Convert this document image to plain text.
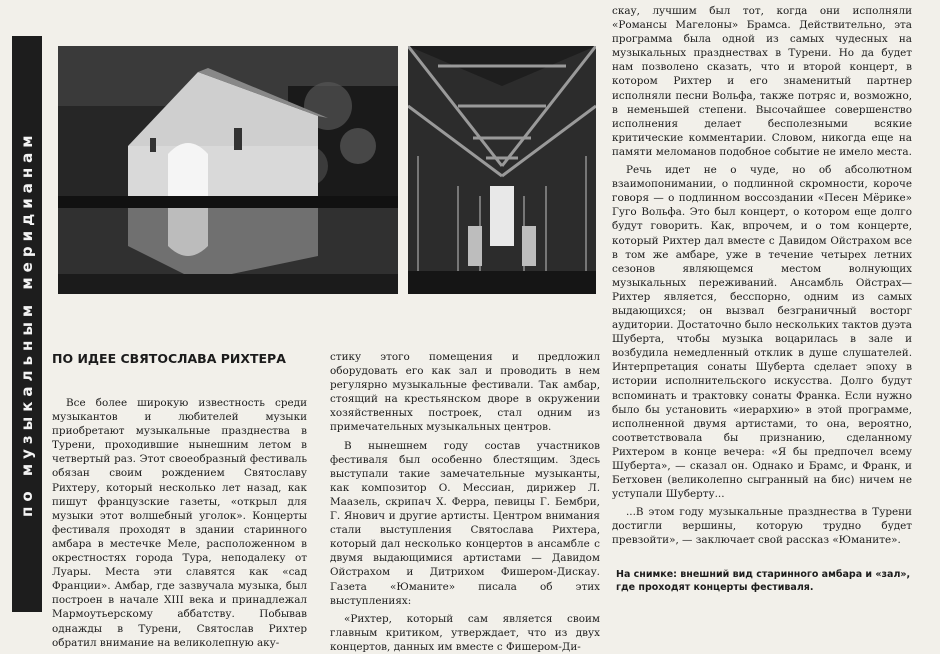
по музыкальным меридианам	ПО ИДЕЕ СВЯТОСЛАВА РИХТЕРА

Все более широкую известность среди музыкантов и любителей музыки приобретают музыкальные празднества в Турени, проходившие нынешним летом в четвертый раз. Этот своеобразный фестиваль обязан своим рождением Святославу Рихтеру, который несколько лет назад, как пишут французские газеты, «открыл для музыки этот волшебный уголок». Концерты фестиваля проходят в здании старинного амбара в местечке Меле, расположенном в окрестностях города Тура, неподалеку от Луары. Места эти славятся как «сад Франции». Амбар, где зазвучала музыка, был построен в начале XIII века и принадлежал Мармоутьерскому аббатству. Побывав однажды в Турени, Святослав Рихтер обратил внимание на великолепную аку-

стику этого помещения и предложил оборудовать его как зал и проводить в нем регулярно музыкальные фестивали. Так амбар, стоящий на крестьянском дворе в окружении хозяйственных построек, стал одним из примечательных музыкальных центров.

В нынешнем году состав участников фестиваля был особенно блестящим. Здесь выступали такие замечательные музыканты, как композитор О. Мессиан, дирижер Л. Маазель, скрипач Х. Ферра, певицы Г. Бембри, Г. Янович и другие артисты. Центром внимания стали выступления Святослава Рихтера, который дал несколько концертов в ансамбле с двумя выдающимися артистами — Давидом Ойстрахом и Дитрихом Фишером-Дискау. Газета «Юманите» писала об этих выступлениях:

«Рихтер, который сам является своим главным критиком, утверждает, что из двух концертов, данных им вместе с Фишером-Ди-

скау, лучшим был тот, когда они исполняли «Романсы Магелоны» Брамса. Действительно, эта программа была одной из самых чудесных на музыкальных празднествах в Турени. Но да будет нам позволено сказать, что и второй концерт, в котором Рихтер и его знаменитый партнер исполняли песни Вольфа, также потряс и, возможно, в неменьшей степени. Высочайшее совершенство исполнения делает бесполезными всякие критические комментарии. Словом, никогда еще на памяти меломанов подобное событие не имело места.

Речь идет не о чуде, но об абсолютном взаимопонимании, о подлинной скромности, короче говоря — о подлинном воссоздании «Песен Мёрике» Гуго Вольфа. Это был концерт, о котором еще долго будут говорить. Как, впрочем, и о том концерте, который Рихтер дал вместе с Давидом Ойстрахом все в том же амбаре, уже в течение четырех летних сезонов являющемся местом волнующих музыкальных переживаний. Ансамбль Ойстрах—Рихтер является, бесспорно, одним из самых выдающихся; он вызвал безграничный восторг аудитории. Достаточно было нескольких тактов дуэта Шуберта, чтобы музыка воцарилась в зале и возбудила немедленный отклик в душе слушателей. Интерпретация сонаты Шуберта сделает эпоху в истории исполнительского искусства. Долго будут вспоминать и трактовку сонаты Франка. Если нужно было бы установить «иерархию» в этой программе, исполненной двумя артистами, то она, вероятно, соответствовала бы признанию, сделанному Рихтером в конце вечера: «Я бы предпочел всему Шуберта», — сказал он. Однако и Брамс, и Франк, и Бетховен (великолепно сыгранный на бис) ничем не уступали Шуберту...

...В этом году музыкальные празднества в Турени достигли вершины, которую трудно будет превзойти», — заключает свой рассказ «Юманите».

На снимке: внешний вид старинного амбара и «зал», где проходят концерты фестиваля.
